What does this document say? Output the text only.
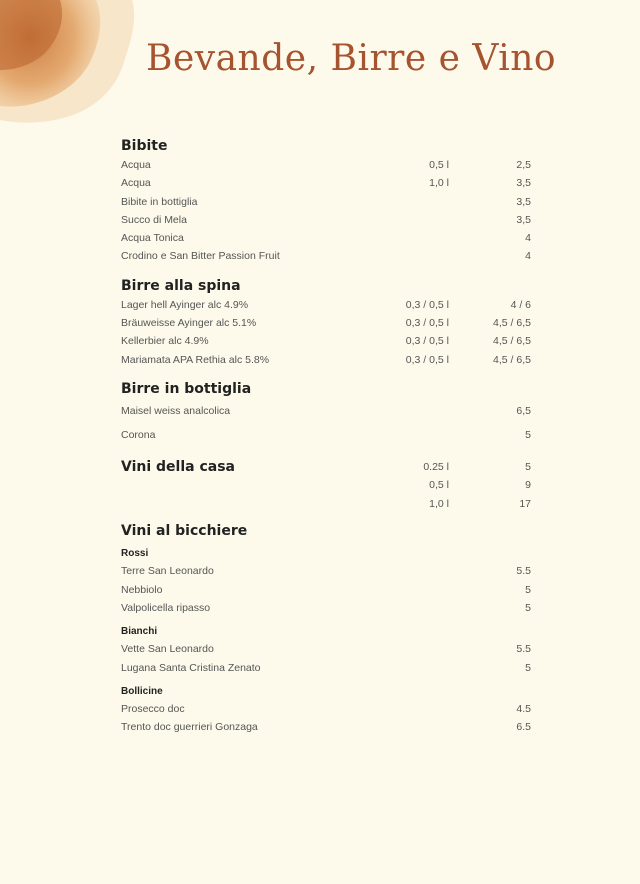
Bevande, Birre e Vino
Bibite
Acqua	0,5 l	2,5
Acqua	1,0 l	3,5
Bibite in bottiglia	3,5
Succo di Mela	3,5
Acqua Tonica	4
Crodino e San Bitter Passion Fruit	4
Birre alla spina
Lager hell Ayinger alc 4.9%	0,3 / 0,5 l	4 / 6
Bräuweisse Ayinger alc 5.1%	0,3 / 0,5 l	4,5 / 6,5
Kellerbier alc 4.9%	0,3 / 0,5 l	4,5 / 6,5
Mariamata APA Rethia alc 5.8%	0,3 / 0,5 l	4,5 / 6,5
Birre in bottiglia
Maisel weiss analcolica	6,5
Corona	5
Vini della casa	0.25 l	5
0,5 l	9
1,0 l	17
Vini al bicchiere
Rossi
Terre San Leonardo	5.5
Nebbiolo	5
Valpolicella ripasso	5
Bianchi
Vette San Leonardo	5.5
Lugana Santa Cristina Zenato	5
Bollicine
Prosecco doc	4.5
Trento doc guerrieri Gonzaga	6.5
